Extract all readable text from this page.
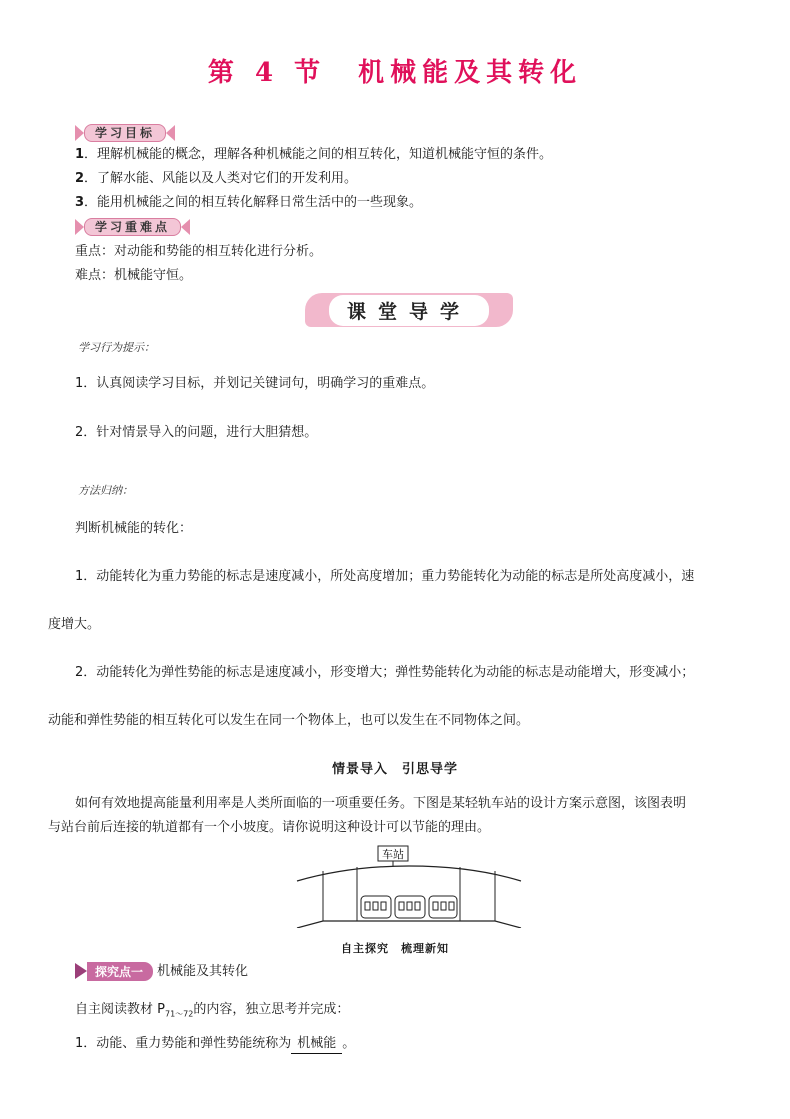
第 4 节　机械能及其转化
学习目标
1．理解机械能的概念，理解各种机械能之间的相互转化，知道机械能守恒的条件。
2．了解水能、风能以及人类对它们的开发利用。
3．能用机械能之间的相互转化解释日常生活中的一些现象。
学习重难点
重点：对动能和势能的相互转化进行分析。
难点：机械能守恒。
课堂导学
学习行为提示：
1．认真阅读学习目标，并划记关键词句，明确学习的重难点。
2．针对情景导入的问题，进行大胆猜想。
方法归纳：
判断机械能的转化：
1．动能转化为重力势能的标志是速度减小，所处高度增加；重力势能转化为动能的标志是所处高度减小，速
度增大。
2．动能转化为弹性势能的标志是速度减小，形变增大；弹性势能转化为动能的标志是动能增大，形变减小；
动能和弹性势能的相互转化可以发生在同一个物体上，也可以发生在不同物体之间。
情景导入　引思导学
如何有效地提高能量利用率是人类所面临的一项重要任务。下图是某轻轨车站的设计方案示意图，该图表明
与站台前后连接的轨道都有一个小坡度。请你说明这种设计可以节能的理由。
车站
自主探究　梳理新知
探究点一	机械能及其转化
自主阅读教材 $P_{71\sim 72}$的内容，独立思考并完成：
1．动能、重力势能和弹性势能统称为 机械能 。
